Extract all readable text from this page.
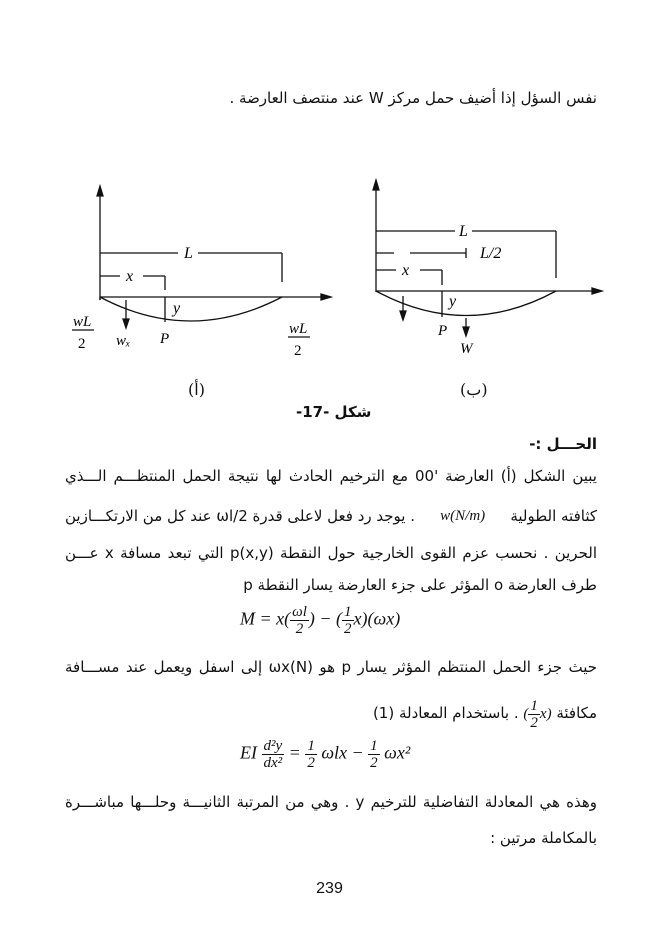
نفس السؤل إذا أضيف حمل مركز W عند منتصف العارضة .
L
x
y
P
wₓ
wL
2
wL
2
L
L/2
x
y
P
W
(أ)	(ب)
شكل -17-
الحـــل :-
يبين الشكل (أ) العارضة '00 مع الترخيم الحادث لها نتيجة الحمل المنتظـــم الـــذي
كثافته الطولية
w(N/m)
. يوجد رد فعل لاعلى قدرة ωl/2 عند كل من الارتكـــازين
الحرين . نحسب عزم القوى الخارجية حول النقطة p(x,y) التي تبعد مسافة x عـــن
طرف العارضة o المؤثر على جزء العارضة يسار النقطة p
$M = x( \frac{\omega l}{2}$ ) − ( $\frac{1}{2} x)(\omega x)$
حيث جزء الحمل المنتظم المؤثر يسار p هو ωx(N) إلى اسفل ويعمل عند مســـافة
مكافئة ( $\frac{1}{2} x$) . باستخدام المعادلة (1)
EI $\frac{\text{d²y}}{\text{dx²}} = \frac{1}{2}$ $\omega lx - \frac{1}{2} \omega x^2$
وهذه هي المعادلة التفاضلية للترخيم y . وهي من المرتبة الثانيـــة وحلـــها مباشـــرة
بالمكاملة مرتين :
239
